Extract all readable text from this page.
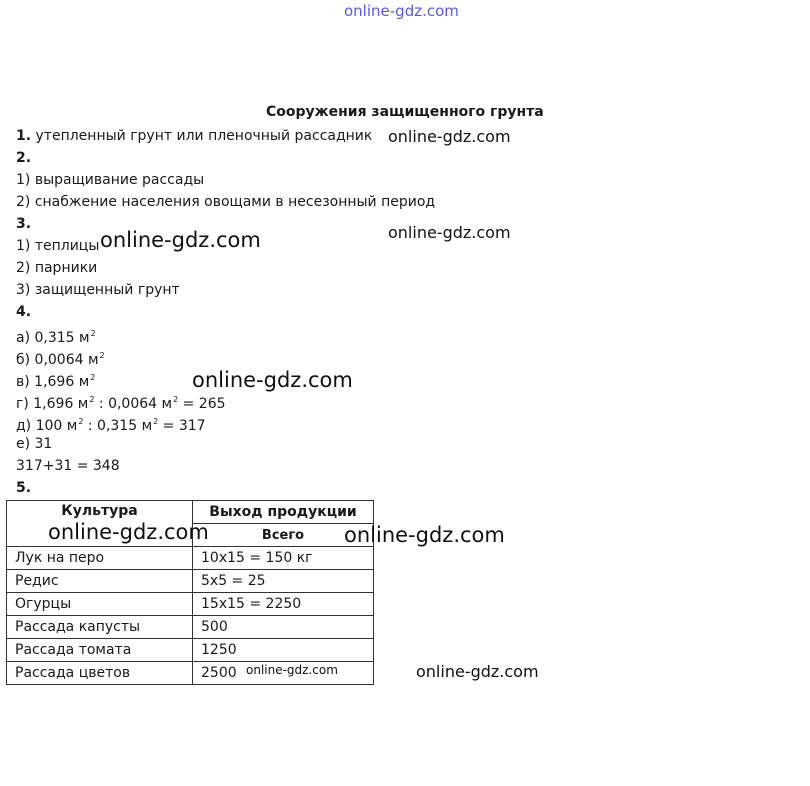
online-gdz.com
Сооружения защищенного грунта
1. утепленный грунт или пленочный рассадник
2.
1) выращивание рассады
2) снабжение населения овощами в несезонный период
3.
1) теплицы
2) парники
3) защищенный грунт
4.
а) 0,315 $м^2$
б) 0,0064 $м^2$
в) 1,696 $м^2$
г) 1,696 $м^2$ : 0,0064 $м^2 = 265$
д) 100 $м^2$ : 0,315 $м^2 = 317$
е) 31
317+31 = 348
5.
Культура	Выход продукции
	Всего
Лук на перо	10х15 = 150 кг
Редис	5х5 = 25
Огурцы	15х15 = 2250
Рассада капусты	500
Рассада томата	1250
Рассада цветов	2500
online-gdz.com
online-gdz.com	online-gdz.com
online-gdz.com
online-gdz.com	online-gdz.com
online-gdz.com	online-gdz.com
